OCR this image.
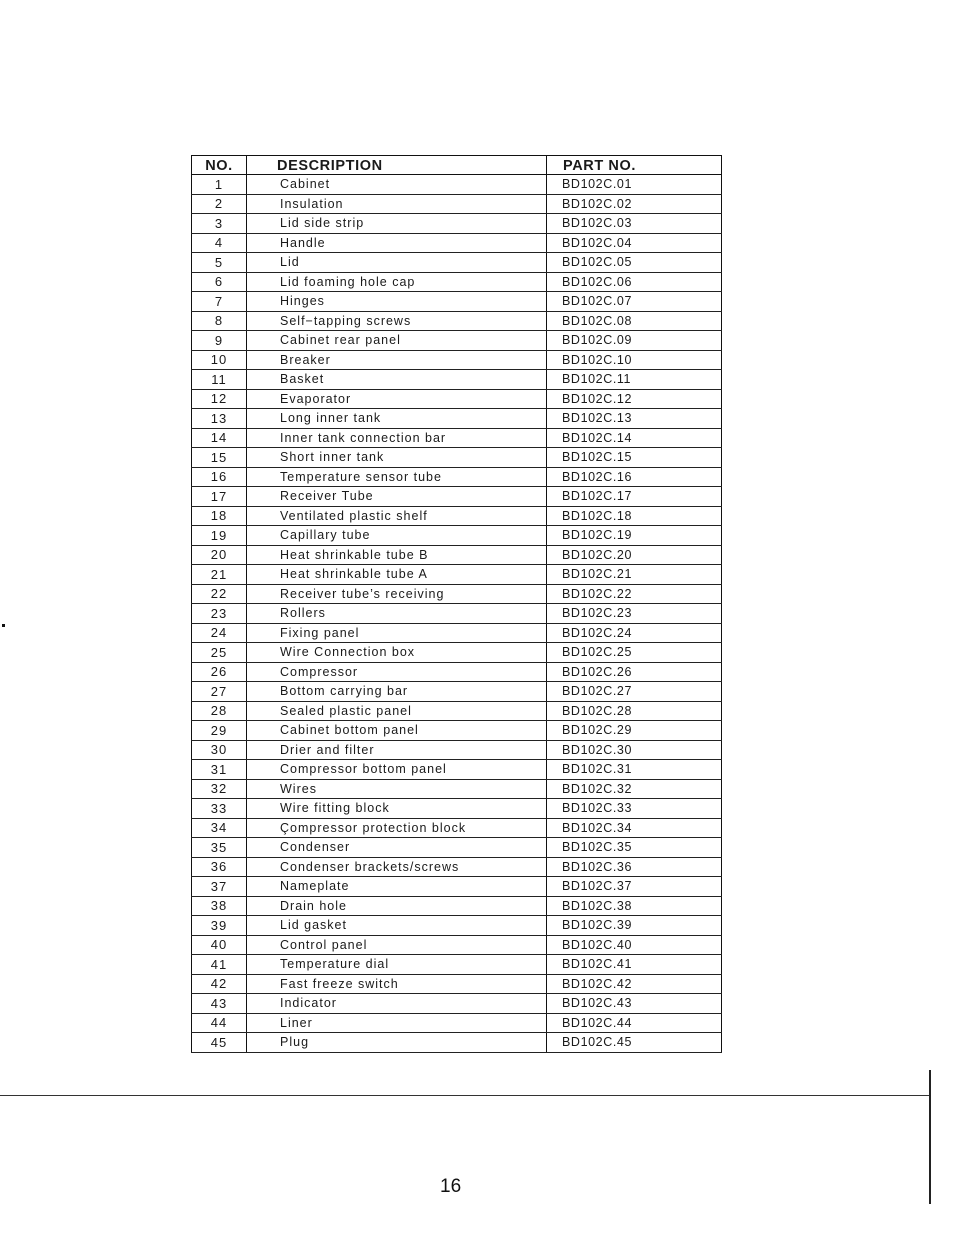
NO.	DESCRIPTION	PART NO.
1	Cabinet	BD102C.01
2	Insulation	BD102C.02
3	Lid side strip	BD102C.03
4	Handle	BD102C.04
5	Lid	BD102C.05
6	Lid foaming hole cap	BD102C.06
7	Hinges	BD102C.07
8	Self−tapping screws	BD102C.08
9	Cabinet rear panel	BD102C.09
10	Breaker	BD102C.10
11	Basket	BD102C.11
12	Evaporator	BD102C.12
13	Long inner tank	BD102C.13
14	Inner tank connection bar	BD102C.14
15	Short inner tank	BD102C.15
16	Temperature sensor tube	BD102C.16
17	Receiver Tube	BD102C.17
18	Ventilated plastic shelf	BD102C.18
19	Capillary tube	BD102C.19
20	Heat shrinkable tube B	BD102C.20
21	Heat shrinkable tube A	BD102C.21
22	Receiver tube’s receiving	BD102C.22
23	Rollers	BD102C.23
24	Fixing panel	BD102C.24
25	Wire Connection box	BD102C.25
26	Compressor	BD102C.26
27	Bottom carrying bar	BD102C.27
28	Sealed plastic panel	BD102C.28
29	Cabinet bottom panel	BD102C.29
30	Drier and filter	BD102C.30
31	Compressor bottom panel	BD102C.31
32	Wires	BD102C.32
33	Wire fitting block	BD102C.33
34	Çompressor protection block	BD102C.34
35	Condenser	BD102C.35
36	Condenser brackets/screws	BD102C.36
37	Nameplate	BD102C.37
38	Drain hole	BD102C.38
39	Lid gasket	BD102C.39
40	Control panel	BD102C.40
41	Temperature dial	BD102C.41
42	Fast freeze switch	BD102C.42
43	Indicator	BD102C.43
44	Liner	BD102C.44
45	Plug	BD102C.45
16
